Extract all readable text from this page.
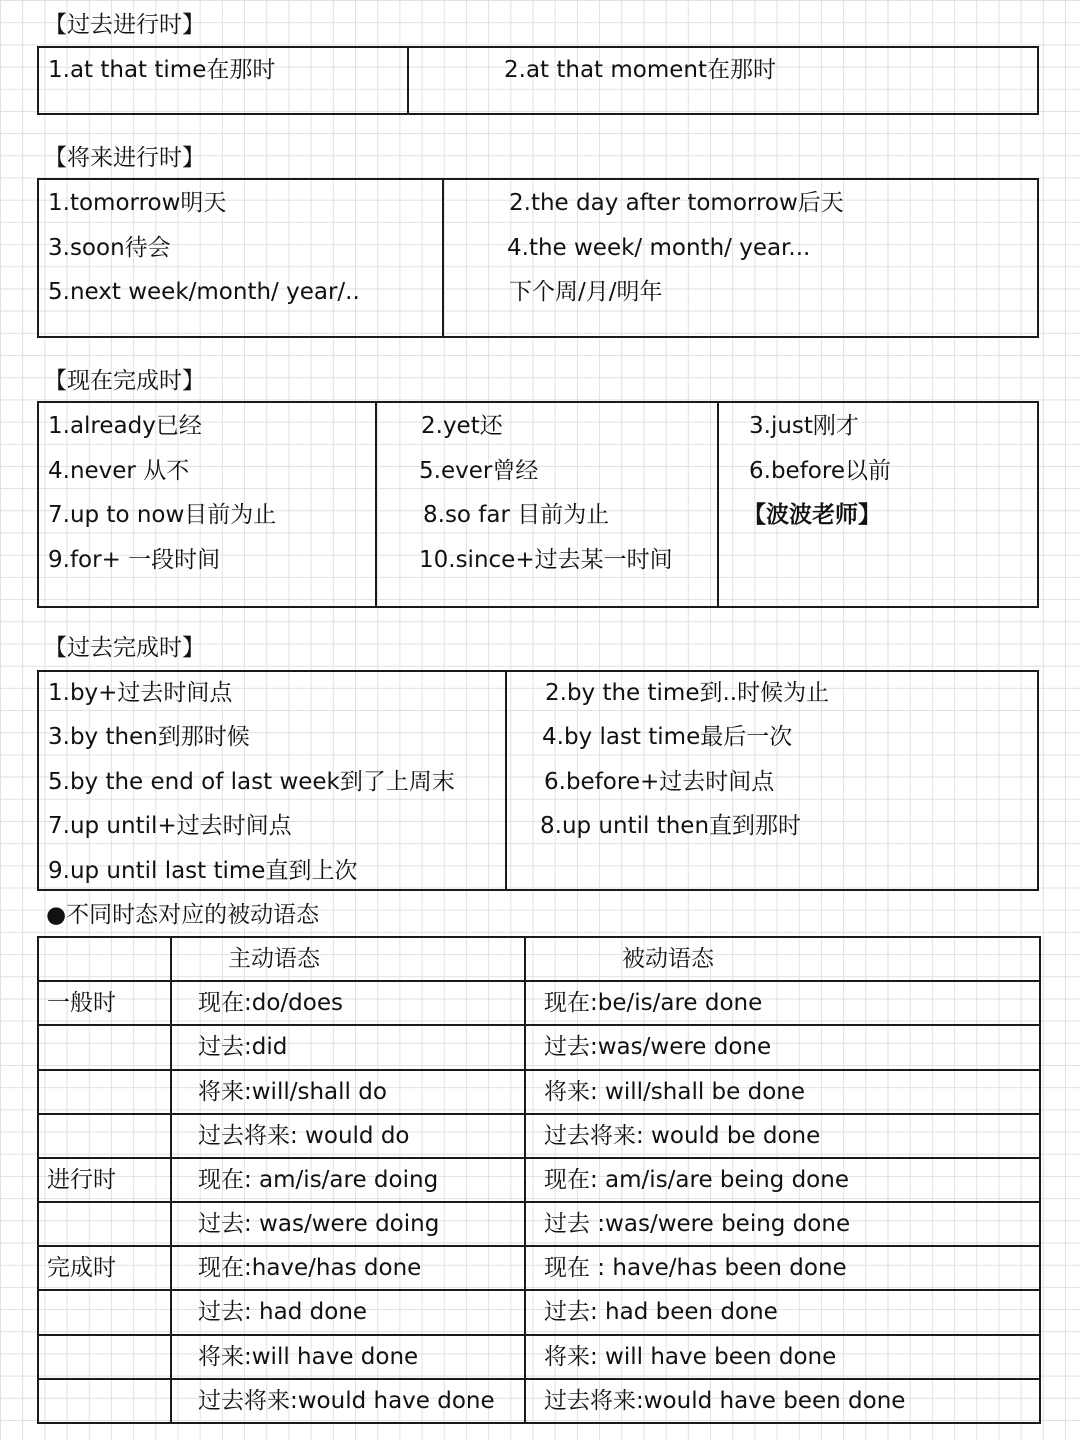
【过去进行时】
1.at that time在那时	2.at that moment在那时
【将来进行时】
1.tomorrow明天	2.the day after tomorrow后天
3.soon待会	4.the week/ month/ year...
5.next week/month/ year/..	下个周/月/明年
【现在完成时】
1.already已经	2.yet还	3.just刚才
4.never 从不	5.ever曾经	6.before以前
7.up to now目前为止	8.so far 目前为止	【波波老师】
9.for+ 一段时间	10.since+过去某一时间
【过去完成时】
1.by+过去时间点	2.by the time到..时候为止
3.by then到那时候	4.by last time最后一次
5.by the end of last week到了上周末	6.before+过去时间点
7.up until+过去时间点	8.up until then直到那时
9.up until last time直到上次
●不同时态对应的被动语态
	主动语态	被动语态
一般时	现在:do/does	现在:be/is/are done
	过去:did	过去:was/were done
	将来:will/shall do	将来: will/shall be done
	过去将来: would do	过去将来: would be done
进行时	现在: am/is/are doing	现在: am/is/are being done
	过去: was/were doing	过去 :was/were being done
完成时	现在:have/has done	现在 : have/has been done
	过去: had done	过去: had been done
	将来:will have done	将来: will have been done
	过去将来:would have done	过去将来:would have been done
